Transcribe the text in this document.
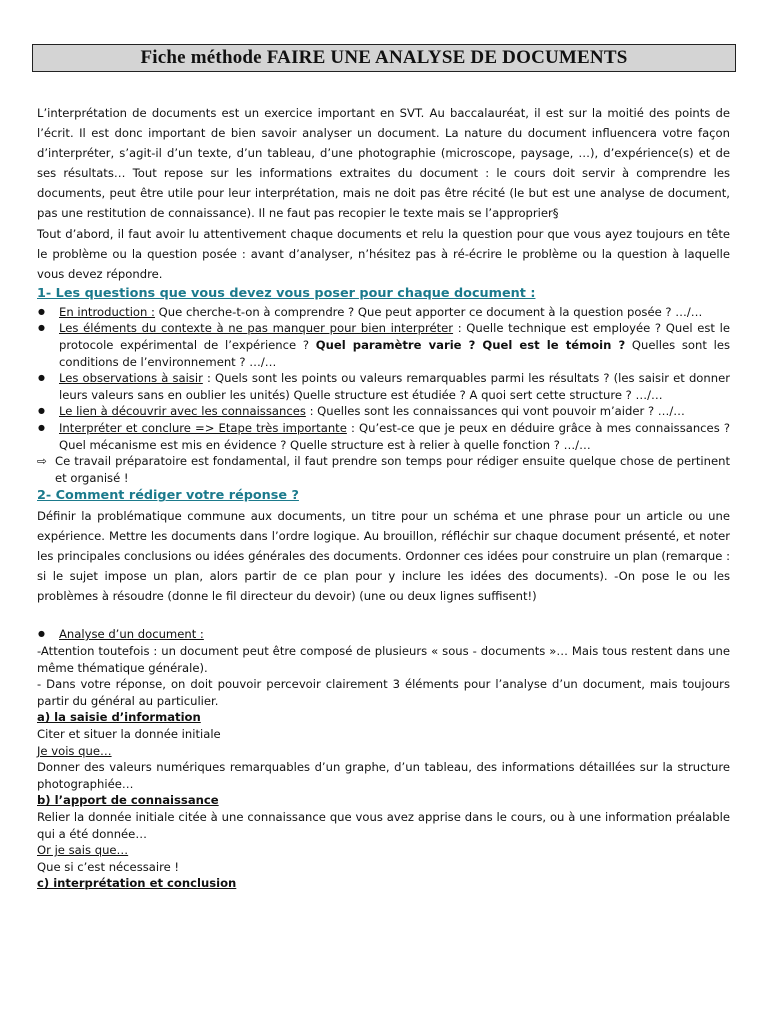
Fiche méthode FAIRE UNE ANALYSE DE DOCUMENTS

L’interprétation de documents est un exercice important en SVT. Au baccalauréat, il est sur la moitié des points de l’écrit. Il est donc important de bien savoir analyser un document. La nature du document influencera votre façon d’interpréter, s’agit-il d’un texte, d’un tableau, d’une photographie (microscope, paysage, …), d’expérience(s) et de ses résultats… Tout repose sur les informations extraites du document : le cours doit servir à comprendre les documents, peut être utile pour leur interprétation, mais ne doit pas être récité (le but est une analyse de document, pas une restitution de connaissance). Il ne faut pas recopier le texte mais se l’approprier§

Tout d’abord, il faut avoir lu attentivement chaque documents et relu la question pour que vous ayez toujours en tête le problème ou la question posée : avant d’analyser, n’hésitez pas à ré-écrire le problème ou la question à laquelle vous devez répondre.

1- Les questions que vous devez vous poser pour chaque document :

● En introduction : Que cherche-t-on à comprendre ? Que peut apporter ce document à la question posée ? …/…
● Les éléments du contexte à ne pas manquer pour bien interpréter : Quelle technique est employée ? Quel est le protocole expérimental de l’expérience ? Quel paramètre varie ? Quel est le témoin ? Quelles sont les conditions de l’environnement ? …/…
● Les observations à saisir : Quels sont les points ou valeurs remarquables parmi les résultats ? (les saisir et donner leurs valeurs sans en oublier les unités) Quelle structure est étudiée ? A quoi sert cette structure ? …/…
● Le lien à découvrir avec les connaissances : Quelles sont les connaissances qui vont pouvoir m’aider ? …/…
● Interpréter et conclure => Etape très importante : Qu’est-ce que je peux en déduire grâce à mes connaissances ? Quel mécanisme est mis en évidence ? Quelle structure est à relier à quelle fonction ? …/…
⇨ Ce travail préparatoire est fondamental, il faut prendre son temps pour rédiger ensuite quelque chose de pertinent et organisé !

2- Comment rédiger votre réponse ?

Définir la problématique commune aux documents, un titre pour un schéma et une phrase pour un article ou une expérience. Mettre les documents dans l’ordre logique. Au brouillon, réfléchir sur chaque document présenté, et noter les principales conclusions ou idées générales des documents. Ordonner ces idées pour construire un plan (remarque : si le sujet impose un plan, alors partir de ce plan pour y inclure les idées des documents). -On pose le ou les problèmes à résoudre (donne le fil directeur du devoir) (une ou deux lignes suffisent!)

● Analyse d’un document :

-Attention toutefois : un document peut être composé de plusieurs « sous - documents »… Mais tous restent dans une même thématique générale).

- Dans votre réponse, on doit pouvoir percevoir clairement 3 éléments pour l’analyse d’un document, mais toujours partir du général au particulier.

a) la saisie d’information

Citer et situer la donnée initiale

Je vois que…

Donner des valeurs numériques remarquables d’un graphe, d’un tableau, des informations détaillées sur la structure photographiée…

b) l’apport de connaissance

Relier la donnée initiale citée à une connaissance que vous avez apprise dans le cours, ou à une information préalable qui a été donnée…

Or je sais que…

Que si c’est nécessaire !

c) interprétation et conclusion
